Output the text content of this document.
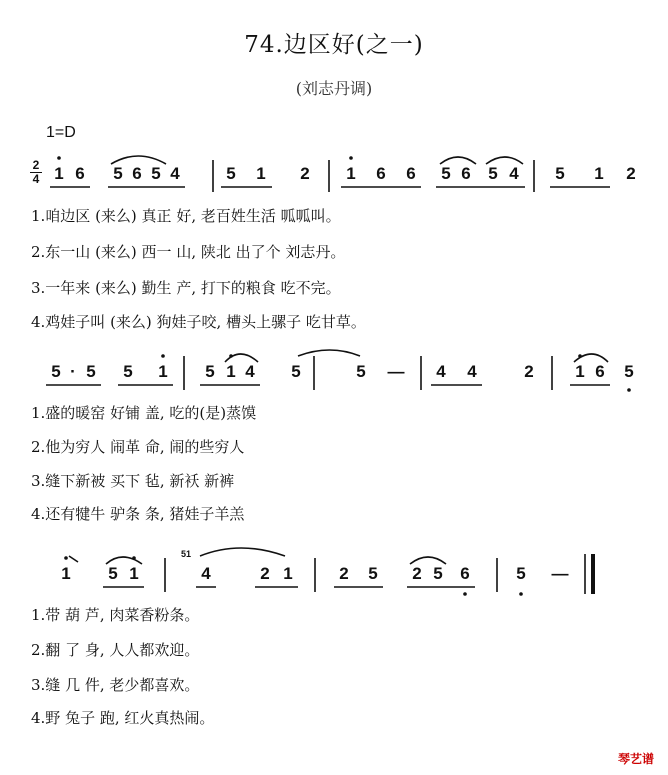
74.边区好(之一)
(刘志丹调)
1=D
2
4 1 6 5 6 5 4	5 1 2 1 6 6 5 6 5 4 5 1 2
1.咱边区 (来么) 真正 好, 老百姓生活 呱呱叫。
2.东一山 (来么) 西一 山, 陕北 出了个 刘志丹。
3.一年来 (来么) 勤生 产, 打下的粮食 吃不完。
4.鸡娃子叫 (来么) 狗娃子咬, 槽头上骡子 吃甘草。
5 · 5 5 1 5 1 4 5	5 — 4 4	2 1 6 5
1.盛的暖窑 好铺 盖, 吃的(是)蒸馍
2.他为穷人 闹革 命, 闹的些穷人
3.缝下新被 买下 毡, 新袄 新裤
4.还有犍牛 驴条 条, 猪娃子羊羔
51
1 5 1	4	2 1	2 5 2 5 6	5 —
1.带 葫 芦, 肉菜香粉条。
2.翻 了 身, 人人都欢迎。
3.缝 几 件, 老少都喜欢。
4.野 兔子 跑, 红火真热闹。
琴艺谱
